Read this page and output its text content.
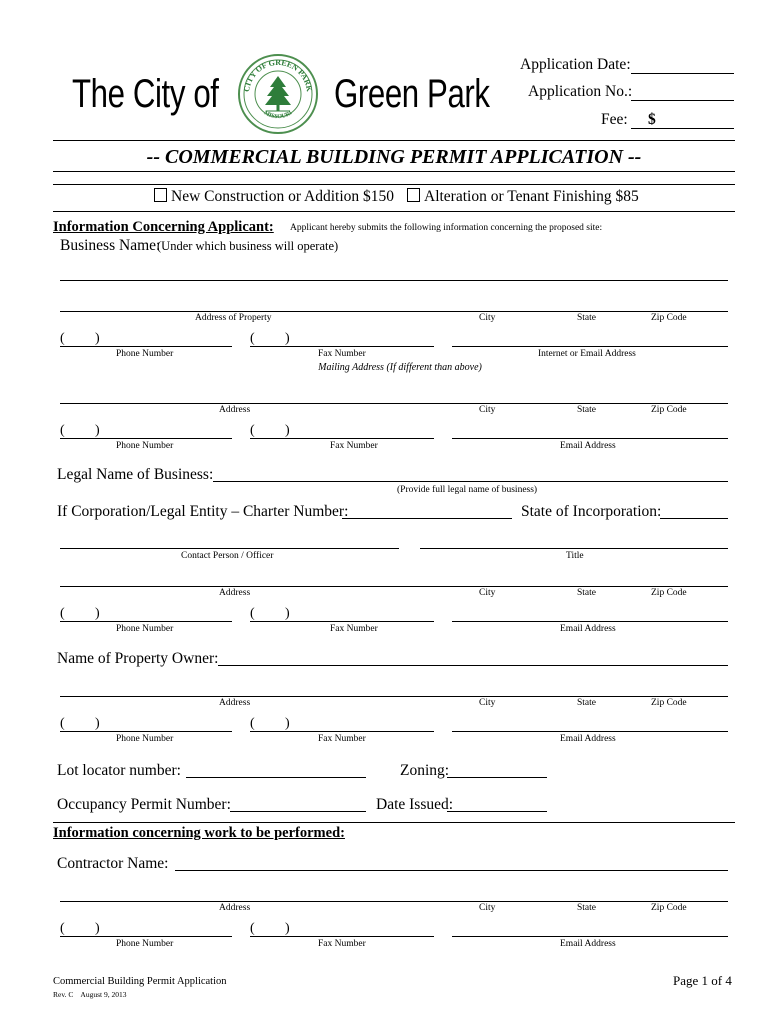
The City of	CITY OF GREEN PARK
MISSOURI Green Park
Application Date:
Application No.:
Fee: $
-- COMMERCIAL BUILDING PERMIT APPLICATION --
New Construction or Addition $150	Alteration or Tenant Finishing $85
Information Concerning Applicant: Applicant hereby submits the following information concerning the proposed site:
Business Name:
(Under which business will operate)
Address of Property	City	State	Zip Code
( )	( )
Phone Number	Fax Number	Internet or Email Address
Mailing Address (If different than above)
Address	City	State	Zip Code
( )	( )
Phone Number	Fax Number	Email Address
Legal Name of Business:
(Provide full legal name of business)
If Corporation/Legal Entity – Charter Number:	State of Incorporation:
Contact Person / Officer	Title
Address	City	State	Zip Code
( )	( )
Phone Number	Fax Number	Email Address
Name of Property Owner:
Address	City	State	Zip Code
( )	( )
Phone Number	Fax Number	Email Address
Lot locator number:	Zoning:
Occupancy Permit Number:	Date Issued:
Information concerning work to be performed:
Contractor Name:
Address	City	State	Zip Code
( )	( )
Phone Number	Fax Number	Email Address
Commercial Building Permit Application
Rev. C    August 9, 2013
Page 1 of 4
